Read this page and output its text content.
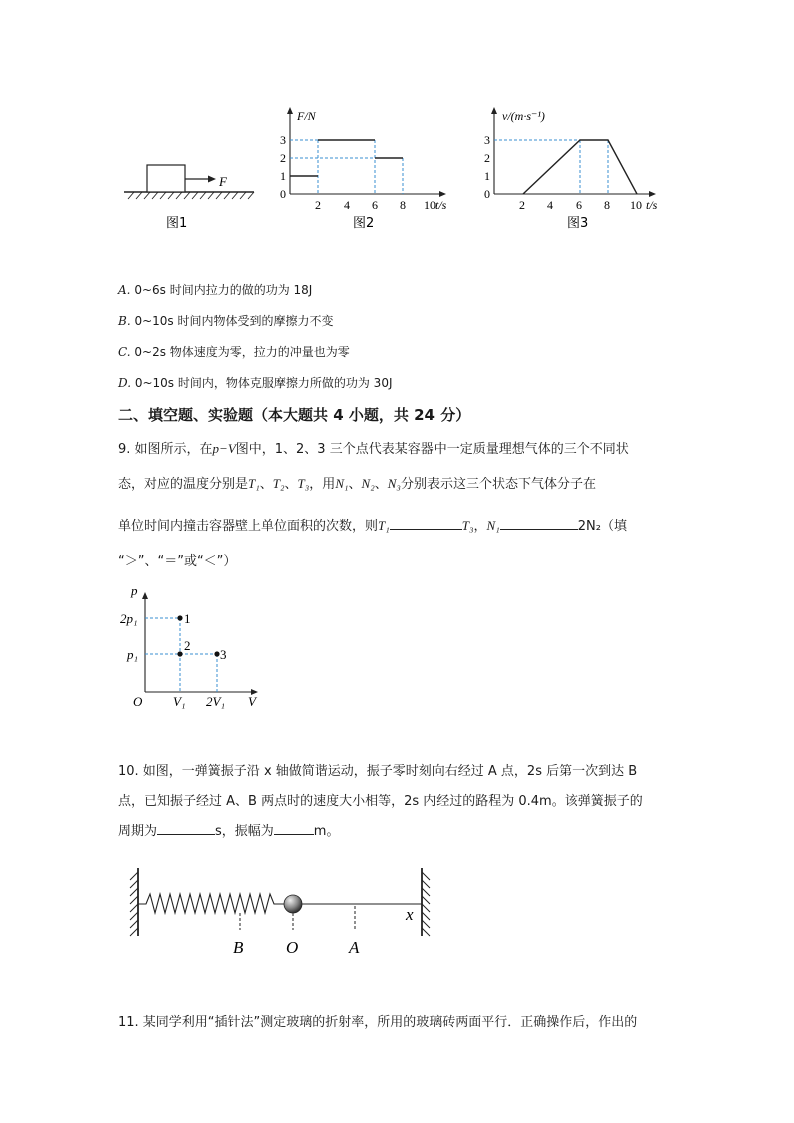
F
图1
F/N
t/s
0
1
2
3
2 4 6 8 10
图2
v/(m·s⁻¹)
t/s
0
1
2
3
2 4 6 8 10
图3
A. 0~6s 时间内拉力的做的功为 18J
B. 0~10s 时间内物体受到的摩擦力不变
C. 0~2s 物体速度为零，拉力的冲量也为零
D. 0~10s 时间内，物体克服摩擦力所做的功为 30J
二、填空题、实验题（本大题共 4 小题，共 24 分）
9. 如图所示，在p−V图中，1、2、3 三个点代表某容器中一定质量理想气体的三个不同状
态，对应的温度分别是T₁、T₂、T₃，用N₁、N₂、N₃分别表示这三个状态下气体分子在
单位时间内撞击容器壁上单位面积的次数，则T₁	T₃，N₁	2N₂（填
“＞”、“＝”或“＜”）
p
V
O
2p₁
p₁
V₁ 2V₁
1
2
3
10. 如图，一弹簧振子沿 x 轴做简谐运动，振子零时刻向右经过 A 点，2s 后第一次到达 B
点，已知振子经过 A、B 两点时的速度大小相等，2s 内经过的路程为 0.4m。该弹簧振子的
周期为	s，振幅为	m。
B	O	A
x
11. 某同学利用“插针法”测定玻璃的折射率，所用的玻璃砖两面平行．正确操作后，作出的
